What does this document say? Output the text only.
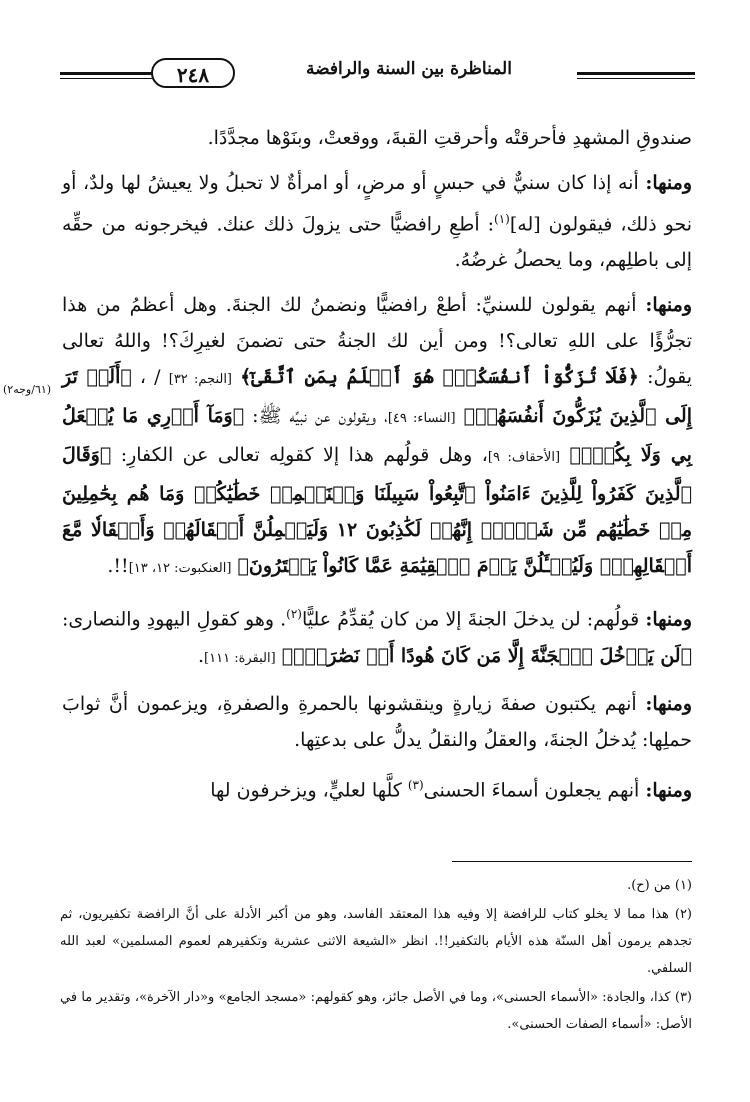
٢٤٨	المناظرة بين السنة والرافضة
(٦١/وجه٢)

صندوقِ المشهدِ فأحرقتْه وأحرقتِ القبةَ، ووقعتْ، وبنَوْها مجدَّدًا.

ومنها: أنه إذا كان سنيٌّ في حبسٍ أو مرضٍ، أو امرأةٌ لا تحبلُ ولا يعيشُ لها ولدٌ، أو نحو ذلك، فيقولون [له]$^{(١)}$: أطعِ رافضيًّا حتى يزولَ ذلك عنك. فيخرجونه من حقِّه إلى باطلِهم، وما يحصلُ غرضُهُ.

ومنها: أنهم يقولون للسنيِّ: أطعْ رافضيًّا ونضمنُ لك الجنةَ. وهل أعظمُ من هذا تجرُّؤًا على اللهِ تعالى؟! ومن أين لك الجنةُ حتى تضمنَ لغيرِكَ؟! واللهُ تعالى يقولُ: ﴿فَلَا تُزَكُّوٓاْ أَنفُسَكُمۡۖ هُوَ أَعۡلَمُ بِمَنِ ٱتَّقَىٰٓ﴾ [النجم: ٣٢] / ، ﴿أَلَمۡ تَرَ إِلَى ٱلَّذِينَ يُزَكُّونَ أَنفُسَهُمۚ﴾ [النساء: ٤٩]، ويقولون عن نبيِّه ﷺ: ﴿وَمَآ أَدۡرِي مَا يُفۡعَلُ بِي وَلَا بِكُمۡۖ﴾ [الأحقاف: ٩]، وهل قولُهم هذا إلا كقولِه تعالى عن الكفارِ: ﴿وَقَالَ ٱلَّذِينَ كَفَرُواْ لِلَّذِينَ ءَامَنُواْ ٱتَّبِعُواْ سَبِيلَنَا وَلۡنَحۡمِلۡ خَطَٰيَٰكُمۡ وَمَا هُم بِحَٰمِلِينَ مِنۡ خَطَٰيَٰهُم مِّن شَيۡءٍۖ إِنَّهُمۡ لَكَٰذِبُونَ ١٢ وَلَيَحۡمِلُنَّ أَثۡقَالَهُمۡ وَأَثۡقَالٗا مَّعَ أَثۡقَالِهِمۡۖ وَلَيُسۡـَٔلُنَّ يَوۡمَ ٱلۡقِيَٰمَةِ عَمَّا كَانُواْ يَفۡتَرُونَ﴾ [العنكبوت: ١٢، ١٣]!!.

ومنها: قولُهم: لن يدخلَ الجنةَ إلا من كان يُقدِّمُ عليًّا$^{(٢)}$. وهو كقولِ اليهودِ والنصارى: ﴿لَن يَدۡخُلَ ٱلۡجَنَّةَ إِلَّا مَن كَانَ هُودًا أَوۡ نَصَٰرَىٰۗ﴾ [البقرة: ١١١].

ومنها: أنهم يكتبون صفةَ زيارةٍ وينقشونها بالحمرةِ والصفرةِ، ويزعمون أنَّ ثوابَ حملِها: يُدخلُ الجنةَ، والعقلُ والنقلُ يدلُّ على بدعتِها.

ومنها: أنهم يجعلون أسماءَ الحسنى$^{(٣)}$ كلَّها لعليٍّ، ويزخرفون لها

(١) من (ح).

(٢) هذا مما لا يخلو كتاب للرافضة إلا وفيه هذا المعتقد الفاسد، وهو من أكبر الأدلة على أنَّ الرافضة تكفيريون، ثم تجدهم يرمون أهل السنّة هذه الأيام بالتكفير!!. انظر «الشيعة الاثنى عشرية وتكفيرهم لعموم المسلمين» لعبد الله السلفي.

(٣) كذا، والجادة: «الأسماء الحسنى»، وما في الأصل جائز، وهو كقولهم: «مسجد الجامع» و«دار الآخرة»، وتقدير ما في الأصل: «أسماء الصفات الحسنى».
